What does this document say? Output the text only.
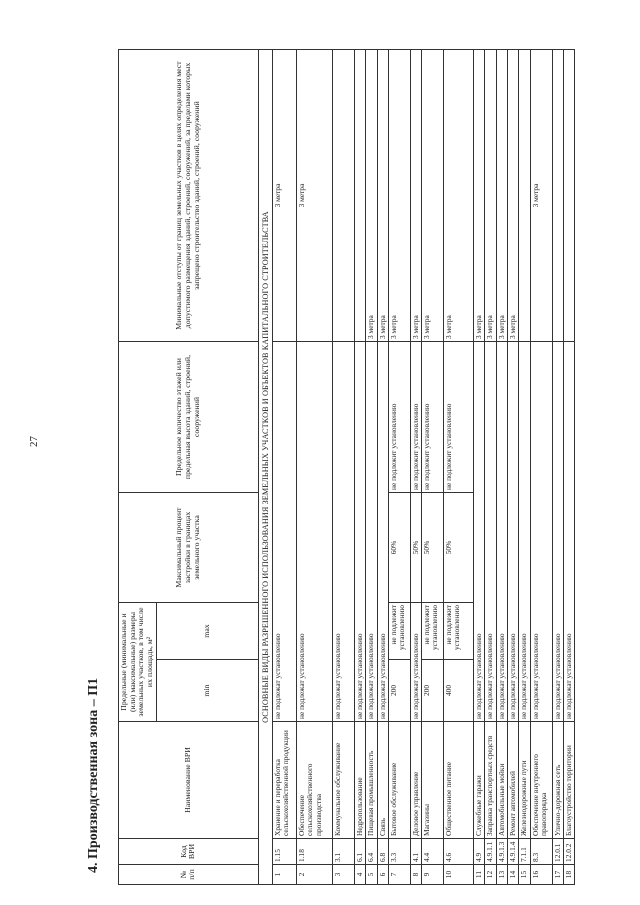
27
4. Производственная зона – П1
№ п/п	Код ВРИ	Наименование ВРИ	Предельные (минимальные и (или) максимальные) размеры земельных участков, в том числе их площадь, м²		Максимальный процент застройки в границах земельного участка	Предельное количество этажей или предельная высота зданий, строений, сооружений	Минимальные отступы от границ земельных участков в целях определения мест допустимого размещения зданий, строений, сооружений, за пределами которых запрещено строительство зданий, строений, сооружений
			min	max			
ОСНОВНЫЕ ВИДЫ РАЗРЕШЕННОГО ИСПОЛЬЗОВАНИЯ ЗЕМЕЛЬНЫХ УЧАСТКОВ И ОБЪЕКТОВ КАПИТАЛЬНОГО СТРОИТЕЛЬСТВА							
1	1.15	Хранение и переработка сельскохозяйственной продукции	не подлежат установлению				3 метра
2	1.18	Обеспечение сельскохозяйственного производства	не подлежат установлению				3 метра
3	3.1	Коммунальное обслуживание	не подлежат установлению				
4	6.1	Недропользование	не подлежат установлению				
5	6.4	Пищевая промышленность	не подлежат установлению				3 метра
6	6.8	Связь	не подлежат установлению				3 метра
7	3.3	Бытовое обслуживание	200	не подлежит установлению	60%	не подлежит установлению	3 метра
8	4.1	Деловое управление	не подлежат установлению		50%	не подлежит установлению	3 метра
9	4.4	Магазины	200	не подлежит установлению	50%	не подлежит установлению	3 метра
10	4.6	Общественное питание	400	не подлежит установлению	50%	не подлежит установлению	3 метра
11	4.9	Служебные гаражи	не подлежат установлению				3 метра
12	4.9.1.1	Заправка транспортных средств	не подлежат установлению				3 метра
13	4.9.1.3	Автомобильные мойки	не подлежат установлению				3 метра
14	4.9.1.4	Ремонт автомобилей	не подлежат установлению				3 метра
15	7.1.1	Железнодорожные пути	не подлежат установлению				
16	8.3	Обеспечение внутреннего правопорядка	не подлежат установлению				3 метра
17	12.0.1	Улично-дорожная сеть	не подлежат установлению				
18	12.0.2	Благоустройство территории	не подлежат установлению				
